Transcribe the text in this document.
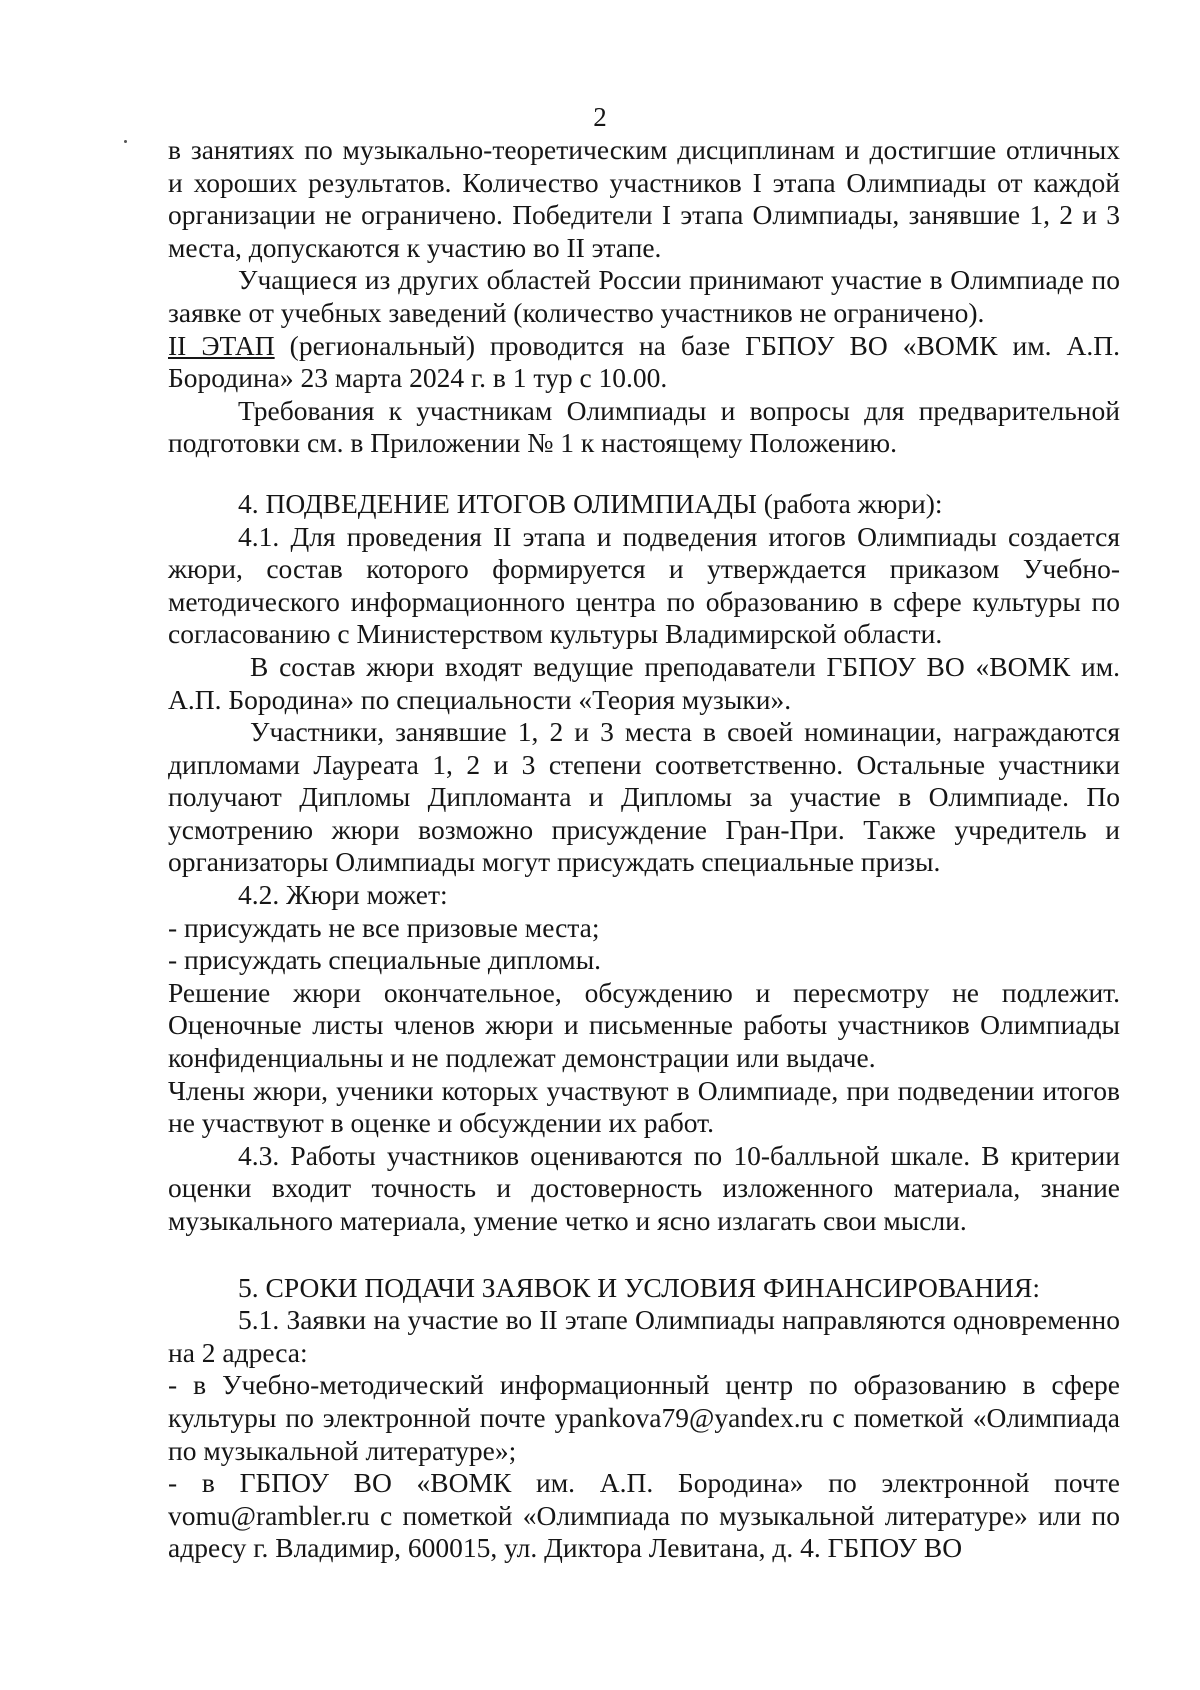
2

в занятиях по музыкально-теоретическим дисциплинам и достигшие отличных и хороших результатов. Количество участников I этапа Олимпиады от каждой организации не ограничено. Победители I этапа Олимпиады, занявшие 1, 2 и 3 места, допускаются к участию во II этапе.

Учащиеся из других областей России принимают участие в Олимпиаде по заявке от учебных заведений (количество участников не ограничено).

II ЭТАП (региональный) проводится на базе ГБПОУ ВО «ВОМК им. А.П. Бородина» 23 марта 2024 г. в 1 тур с 10.00.

Требования к участникам Олимпиады и вопросы для предварительной подготовки см. в Приложении № 1 к настоящему Положению.

4. ПОДВЕДЕНИЕ ИТОГОВ ОЛИМПИАДЫ (работа жюри):

4.1. Для проведения II этапа и подведения итогов Олимпиады создается жюри, состав которого формируется и утверждается приказом Учебно-методического информационного центра по образованию в сфере культуры по согласованию с Министерством культуры Владимирской области.

В состав жюри входят ведущие преподаватели ГБПОУ ВО «ВОМК им. А.П. Бородина» по специальности «Теория музыки».

Участники, занявшие 1, 2 и 3 места в своей номинации, награждаются дипломами Лауреата 1, 2 и 3 степени соответственно. Остальные участники получают Дипломы Дипломанта и Дипломы за участие в Олимпиаде. По усмотрению жюри возможно присуждение Гран-При. Также учредитель и организаторы Олимпиады могут присуждать специальные призы.

4.2. Жюри может:

- присуждать не все призовые места;

- присуждать специальные дипломы.

Решение жюри окончательное, обсуждению и пересмотру не подлежит. Оценочные листы членов жюри и письменные работы участников Олимпиады конфиденциальны и не подлежат демонстрации или выдаче.

Члены жюри, ученики которых участвуют в Олимпиаде, при подведении итогов не участвуют в оценке и обсуждении их работ.

4.3. Работы участников оцениваются по 10-балльной шкале. В критерии оценки входит точность и достоверность изложенного материала, знание музыкального материала, умение четко и ясно излагать свои мысли.

5. СРОКИ ПОДАЧИ ЗАЯВОК И УСЛОВИЯ ФИНАНСИРОВАНИЯ:

5.1. Заявки на участие во II этапе Олимпиады направляются одновременно на 2 адреса:

- в Учебно-методический информационный центр по образованию в сфере культуры по электронной почте ypankova79@yandex.ru с пометкой «Олимпиада по музыкальной литературе»;

- в ГБПОУ ВО «ВОМК им. А.П. Бородина» по электронной почте vomu@rambler.ru с пометкой «Олимпиада по музыкальной литературе» или по адресу г. Владимир, 600015, ул. Диктора Левитана, д. 4. ГБПОУ ВО
